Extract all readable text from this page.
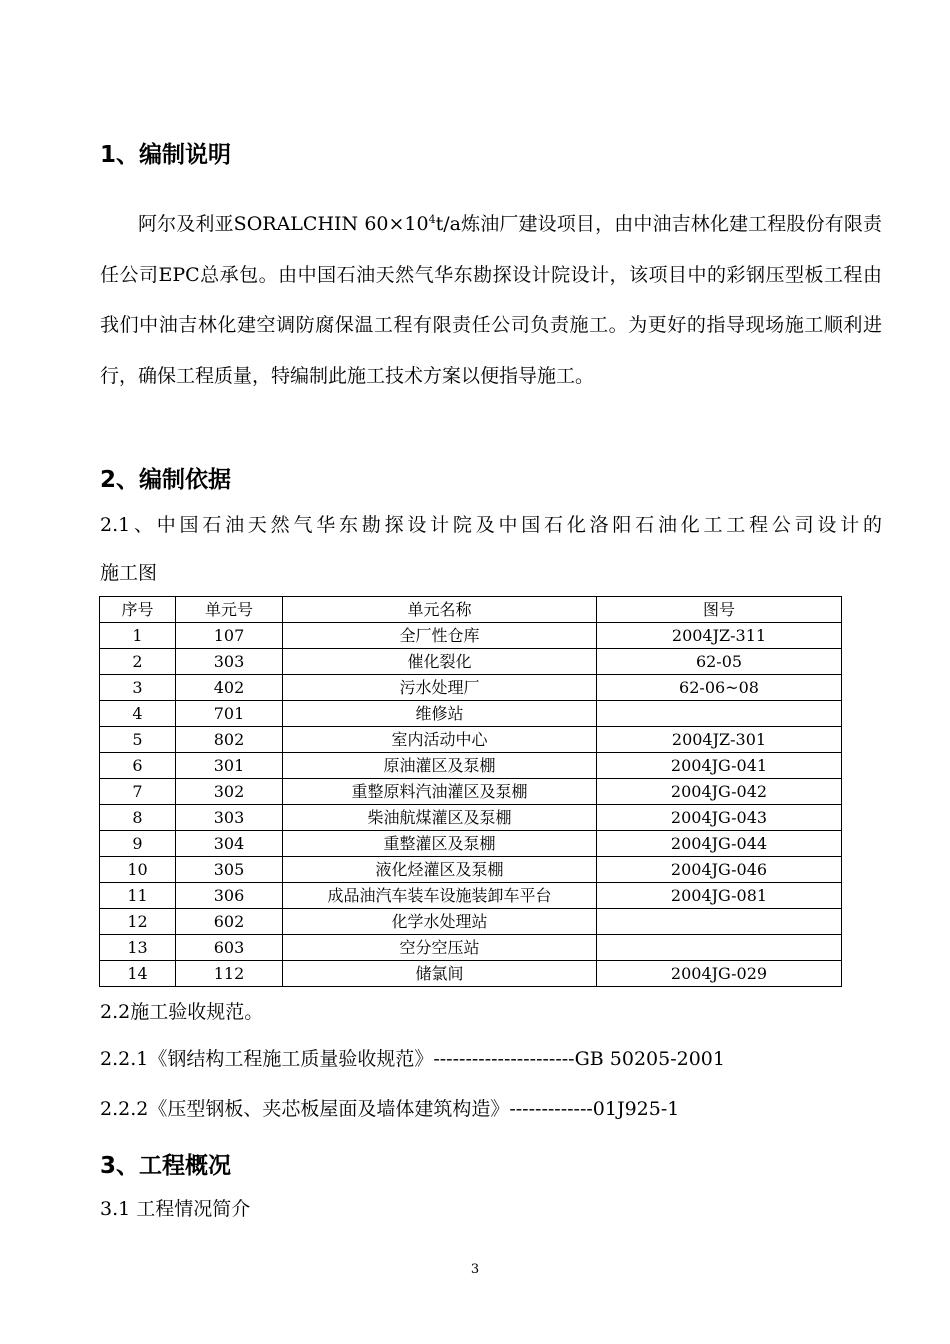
1、编制说明

阿尔及利亚SORALCHIN $60\times 10^4t/a$炼油厂建设项目，由中油吉林化建工程股份有限责任公司EPC总承包。由中国石油天然气华东勘探设计院设计，该项目中的彩钢压型板工程由我们中油吉林化建空调防腐保温工程有限责任公司负责施工。为更好的指导现场施工顺利进行，确保工程质量，特编制此施工技术方案以便指导施工。

2、编制依据
2.1、中国石油天然气华东勘探设计院及中国石化洛阳石油化工工程公司设计的
施工图
序号	单元号	单元名称	图号
1	107	全厂性仓库	2004JZ-311
2	303	催化裂化	62-05
3	402	污水处理厂	62-06~08
4	701	维修站	
5	802	室内活动中心	2004JZ-301
6	301	原油灌区及泵棚	2004JG-041
7	302	重整原料汽油灌区及泵棚	2004JG-042
8	303	柴油航煤灌区及泵棚	2004JG-043
9	304	重整灌区及泵棚	2004JG-044
10	305	液化烃灌区及泵棚	2004JG-046
11	306	成品油汽车装车设施装卸车平台	2004JG-081
12	602	化学水处理站	
13	603	空分空压站	
14	112	储氯间	2004JG-029
2.2施工验收规范。
2.2.1《钢结构工程施工质量验收规范》----------------------GB 50205-2001
2.2.2《压型钢板、夹芯板屋面及墙体建筑构造》-------------01J925-1
3、工程概况
3.1 工程情况简介
3
